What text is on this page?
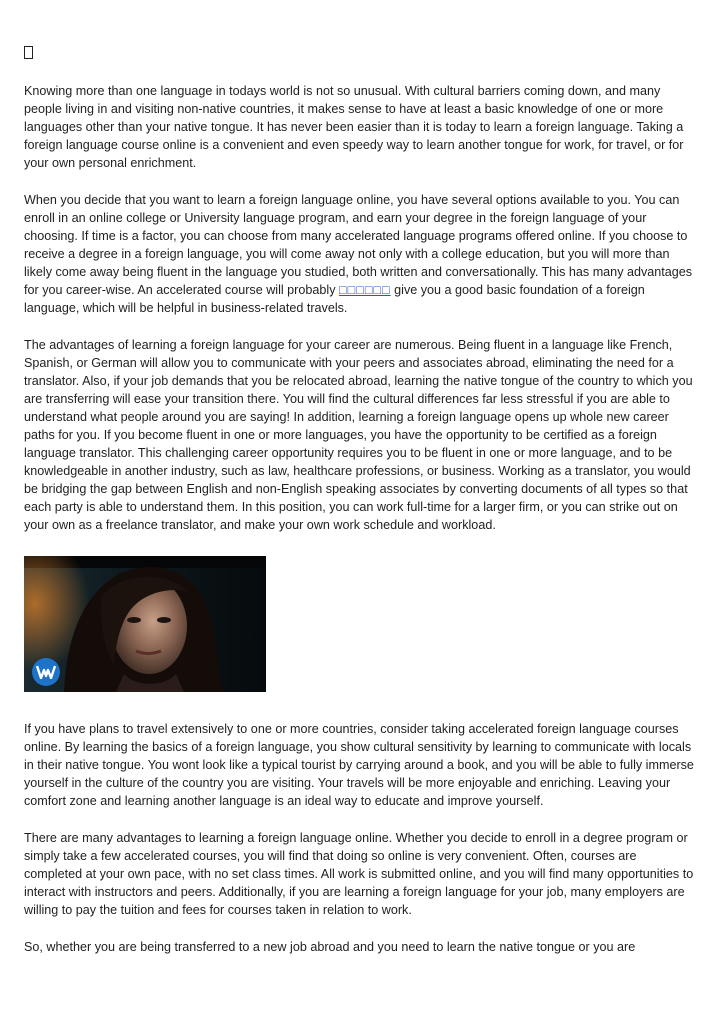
Knowing more than one language in todays world is not so unusual. With cultural barriers coming down, and many people living in and visiting non-native countries, it makes sense to have at least a basic knowledge of one or more languages other than your native tongue. It has never been easier than it is today to learn a foreign language. Taking a foreign language course online is a convenient and even speedy way to learn another tongue for work, for travel, or for your own personal enrichment.

When you decide that you want to learn a foreign language online, you have several options available to you. You can enroll in an online college or University language program, and earn your degree in the foreign language of your choosing. If time is a factor, you can choose from many accelerated language programs offered online. If you choose to receive a degree in a foreign language, you will come away not only with a college education, but you will more than likely come away being fluent in the language you studied, both written and conversationally. This has many advantages for you career-wise. An accelerated course will probably □□□□□□ give you a good basic foundation of a foreign language, which will be helpful in business-related travels.

The advantages of learning a foreign language for your career are numerous. Being fluent in a language like French, Spanish, or German will allow you to communicate with your peers and associates abroad, eliminating the need for a translator. Also, if your job demands that you be relocated abroad, learning the native tongue of the country to which you are transferring will ease your transition there. You will find the cultural differences far less stressful if you are able to understand what people around you are saying! In addition, learning a foreign language opens up whole new career paths for you. If you become fluent in one or more languages, you have the opportunity to be certified as a foreign language translator. This challenging career opportunity requires you to be fluent in one or more language, and to be knowledgeable in another industry, such as law, healthcare professions, or business. Working as a translator, you would be bridging the gap between English and non-English speaking associates by converting documents of all types so that each party is able to understand them. In this position, you can work full-time for a larger firm, or you can strike out on your own as a freelance translator, and make your own work schedule and workload.

If you have plans to travel extensively to one or more countries, consider taking accelerated foreign language courses online. By learning the basics of a foreign language, you show cultural sensitivity by learning to communicate with locals in their native tongue. You wont look like a typical tourist by carrying around a book, and you will be able to fully immerse yourself in the culture of the country you are visiting. Your travels will be more enjoyable and enriching. Leaving your comfort zone and learning another language is an ideal way to educate and improve yourself.

There are many advantages to learning a foreign language online. Whether you decide to enroll in a degree program or simply take a few accelerated courses, you will find that doing so online is very convenient. Often, courses are completed at your own pace, with no set class times. All work is submitted online, and you will find many opportunities to interact with instructors and peers. Additionally, if you are learning a foreign language for your job, many employers are willing to pay the tuition and fees for courses taken in relation to work.

So, whether you are being transferred to a new job abroad and you need to learn the native tongue or you are
